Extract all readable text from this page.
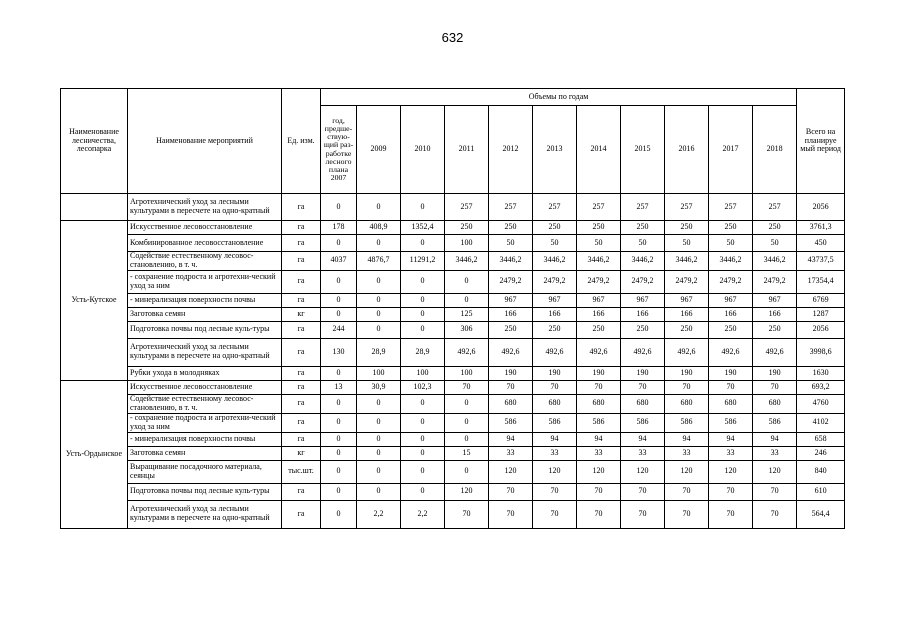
632
Наименование лесничества, лесопарка	Наименование мероприятий	Ед. изм.	Объемы по годам											Всего на планируе мый период
			год, предше-ствую-щий раз-работке лесного плана 2007	2009	2010	2011	2012	2013	2014	2015	2016	2017	2018	
	Агротехнический уход за лесными культурами в пересчете на одно-кратный	га	0	0	0	257	257	257	257	257	257	257	257	2056
Усть-Кутское	Искусственное лесовосстановление	га	178	408,9	1352,4	250	250	250	250	250	250	250	250	3761,3
	Комбинированное лесовосстановление	га	0	0	0	100	50	50	50	50	50	50	50	450
	Содействие естественному лесовос-становлению, в т. ч.	га	4037	4876,7	11291,2	3446,2	3446,2	3446,2	3446,2	3446,2	3446,2	3446,2	3446,2	43737,5
	- сохранение подроста и агротехни-ческий уход за ним	га	0	0	0	0	2479,2	2479,2	2479,2	2479,2	2479,2	2479,2	2479,2	17354,4
	- минерализация поверхности почвы	га	0	0	0	0	967	967	967	967	967	967	967	6769
	Заготовка семян	кг	0	0	0	125	166	166	166	166	166	166	166	1287
	Подготовка почвы под лесные куль-туры	га	244	0	0	306	250	250	250	250	250	250	250	2056
	Агротехнический уход за лесными культурами в пересчете на одно-кратный	га	130	28,9	28,9	492,6	492,6	492,6	492,6	492,6	492,6	492,6	492,6	3998,6
	Рубки ухода в молодняках	га	0	100	100	100	190	190	190	190	190	190	190	1630
Усть-Ордынское	Искусственное лесовосстановление	га	13	30,9	102,3	70	70	70	70	70	70	70	70	693,2
	Содействие естественному лесовос-становлению, в т. ч.	га	0	0	0	0	680	680	680	680	680	680	680	4760
	- сохранение подроста и агротехни-ческий уход за ним	га	0	0	0	0	586	586	586	586	586	586	586	4102
	- минерализация поверхности почвы	га	0	0	0	0	94	94	94	94	94	94	94	658
	Заготовка семян	кг	0	0	0	15	33	33	33	33	33	33	33	246
	Выращивание посадочного материала, сеянцы	тыс.шт.	0	0	0	0	120	120	120	120	120	120	120	840
	Подготовка почвы под лесные куль-туры	га	0	0	0	120	70	70	70	70	70	70	70	610
	Агротехнический уход за лесными культурами в пересчете на одно-кратный	га	0	2,2	2,2	70	70	70	70	70	70	70	70	564,4
